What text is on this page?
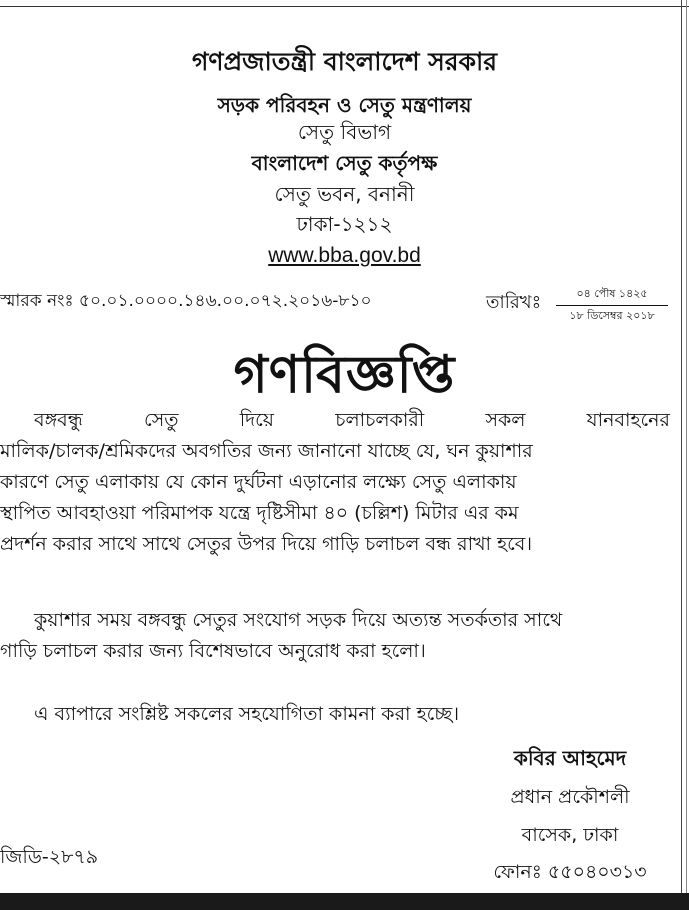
গণপ্রজাতন্ত্রী বাংলাদেশ সরকার
সড়ক পরিবহন ও সেতু মন্ত্রণালয়
সেতু বিভাগ
বাংলাদেশ সেতু কর্তৃপক্ষ
সেতু ভবন, বনানী
ঢাকা-১২১২
www.bba.gov.bd
স্মারক নংঃ ৫০.০১.০০০০.১৪৬.০০.০৭২.২০১৬-৮১০	তারিখঃ	০৪ পৌষ ১৪২৫
১৮ ডিসেম্বর ২০১৮
গণবিজ্ঞপ্তি
বঙ্গবন্ধু	সেতু	দিয়ে	চলাচলকারী	সকল	যানবাহনের
মালিক/চালক/শ্রমিকদের অবগতির জন্য জানানো যাচ্ছে যে, ঘন কুয়াশার
কারণে সেতু এলাকায় যে কোন দুর্ঘটনা এড়ানোর লক্ষ্যে সেতু এলাকায়
স্থাপিত আবহাওয়া পরিমাপক যন্ত্রে দৃষ্টিসীমা ৪০ (চল্লিশ) মিটার এর কম
প্রদর্শন করার সাথে সাথে সেতুর উপর দিয়ে গাড়ি চলাচল বন্ধ রাখা হবে।
কুয়াশার সময় বঙ্গবন্ধু সেতুর সংযোগ সড়ক দিয়ে অত্যন্ত সতর্কতার সাথে
গাড়ি চলাচল করার জন্য বিশেষভাবে অনুরোধ করা হলো।
এ ব্যাপারে সংশ্লিষ্ট সকলের সহযোগিতা কামনা করা হচ্ছে।
কবির আহমেদ
প্রধান প্রকৌশলী
বাসেক, ঢাকা
ফোনঃ ৫৫০৪০৩১৩
জিডি-২৮৭৯
